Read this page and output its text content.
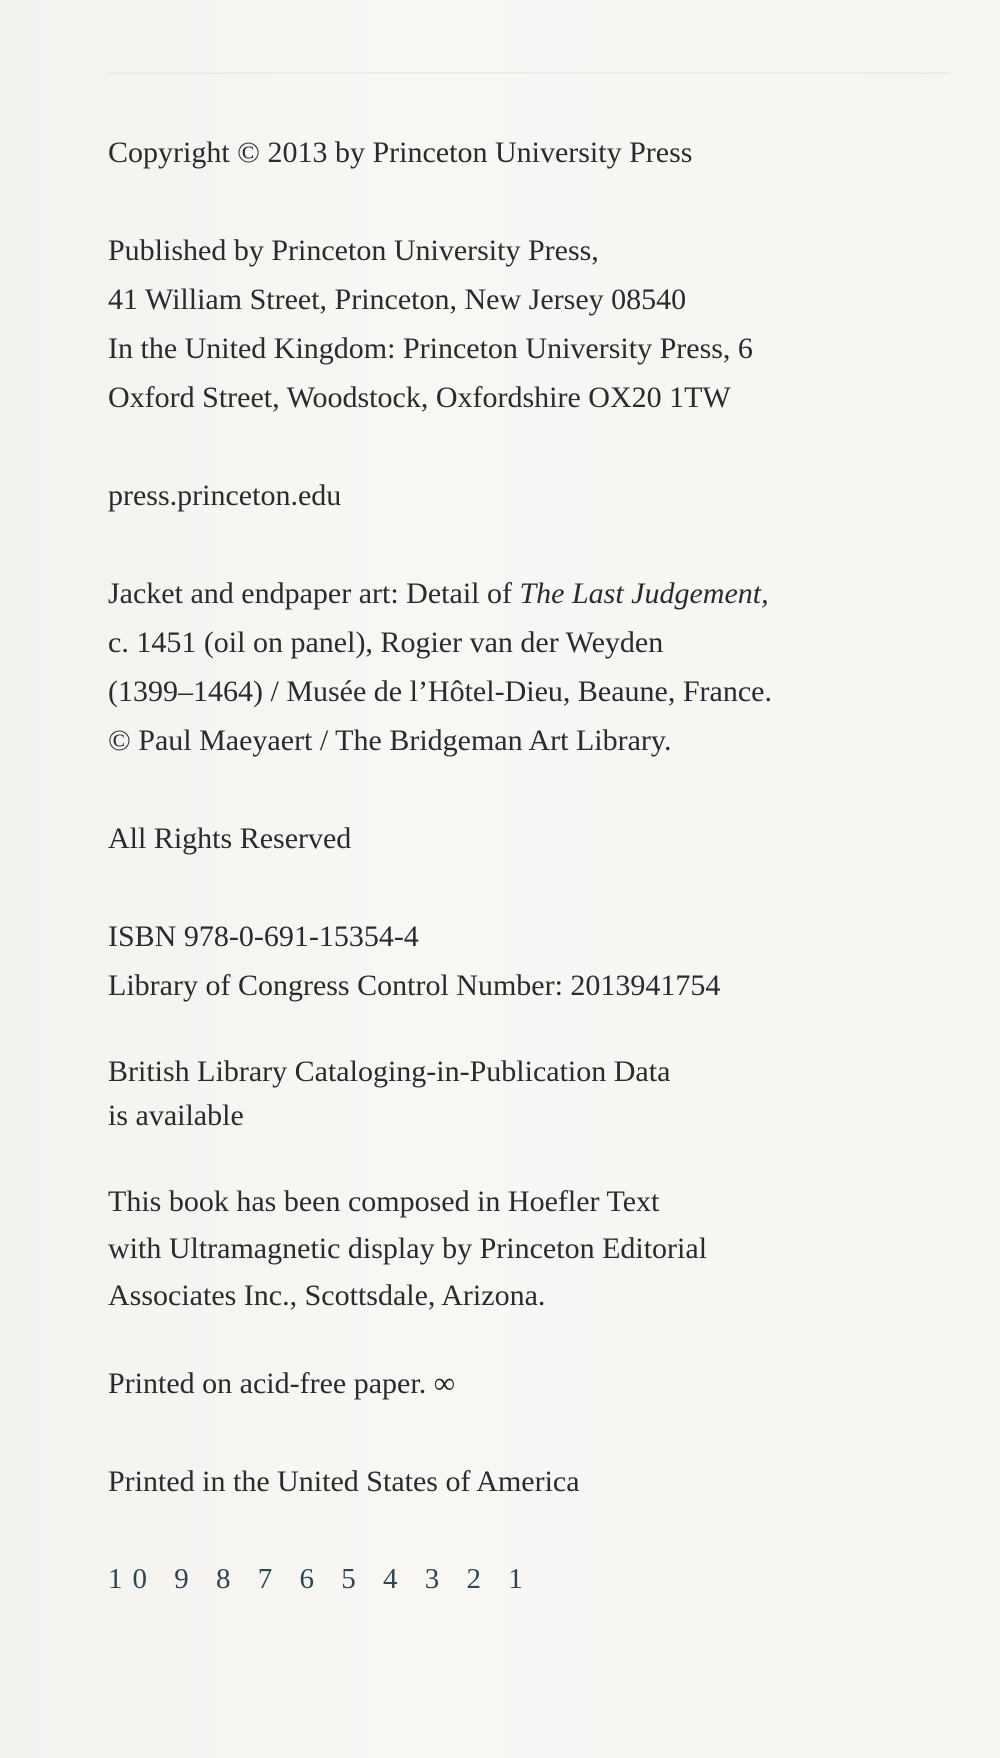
Copyright © 2013 by Princeton University Press

Published by Princeton University Press,
41 William Street, Princeton, New Jersey 08540
In the United Kingdom: Princeton University Press, 6
Oxford Street, Woodstock, Oxfordshire OX20 1TW

press.princeton.edu

Jacket and endpaper art: Detail of The Last Judgement,
c. 1451 (oil on panel), Rogier van der Weyden
(1399–1464) / Musée de l’Hôtel-Dieu, Beaune, France.
© Paul Maeyaert / The Bridgeman Art Library.

All Rights Reserved

ISBN 978-0-691-15354-4
Library of Congress Control Number: 2013941754

British Library Cataloging-in-Publication Data
is available

This book has been composed in Hoefler Text
with Ultramagnetic display by Princeton Editorial
Associates Inc., Scottsdale, Arizona.

Printed on acid-free paper. ∞

Printed in the United States of America

10 9 8 7 6 5 4 3 2 1
